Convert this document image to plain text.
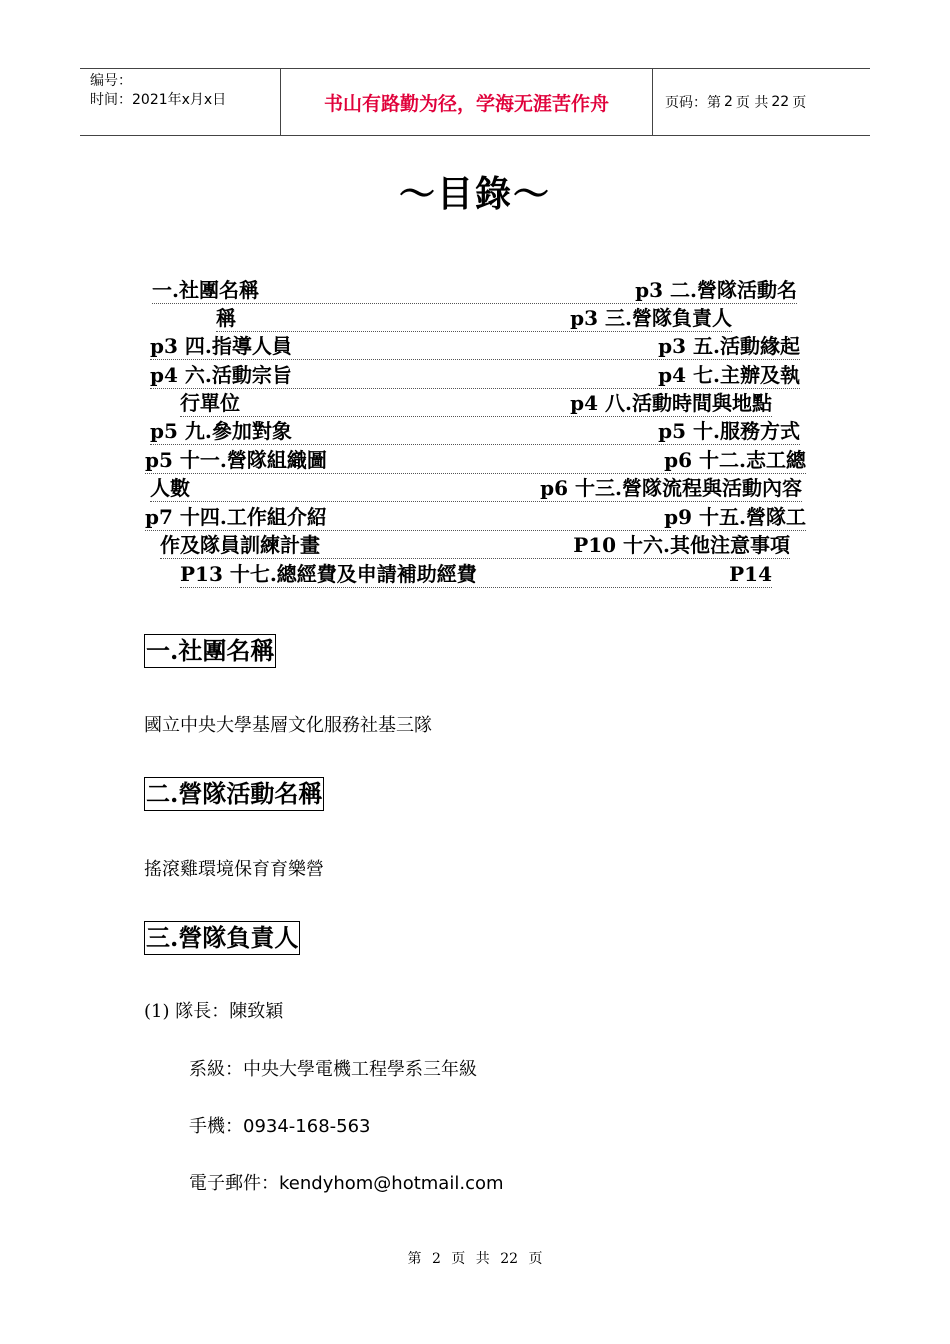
编号：
时间：2021年x月x日	书山有路勤为径，学海无涯苦作舟	页码：第 2 页 共 22 页
～目錄～
一.社團名稱	p3 二.營隊活動名
稱	p3 三.營隊負責人
p3 四.指導人員	p3 五.活動緣起
p4 六.活動宗旨	p4 七.主辦及執
行單位	p4 八.活動時間與地點
p5 九.參加對象	p5 十.服務方式
p5 十一.營隊組織圖	p6 十二.志工總
人數	p6 十三.營隊流程與活動內容
p7 十四.工作組介紹	p9 十五.營隊工
作及隊員訓練計畫	P10 十六.其他注意事項
P13 十七.總經費及申請補助經費	P14
一.社團名稱
國立中央大學基層文化服務社基三隊
二.營隊活動名稱
搖滾雞環境保育育樂營
三.營隊負責人
(1) 隊長：陳致穎
系級：中央大學電機工程學系三年級
手機：0934-168-563
電子郵件：kendyhom@hotmail.com
第 2 页 共 22 页
